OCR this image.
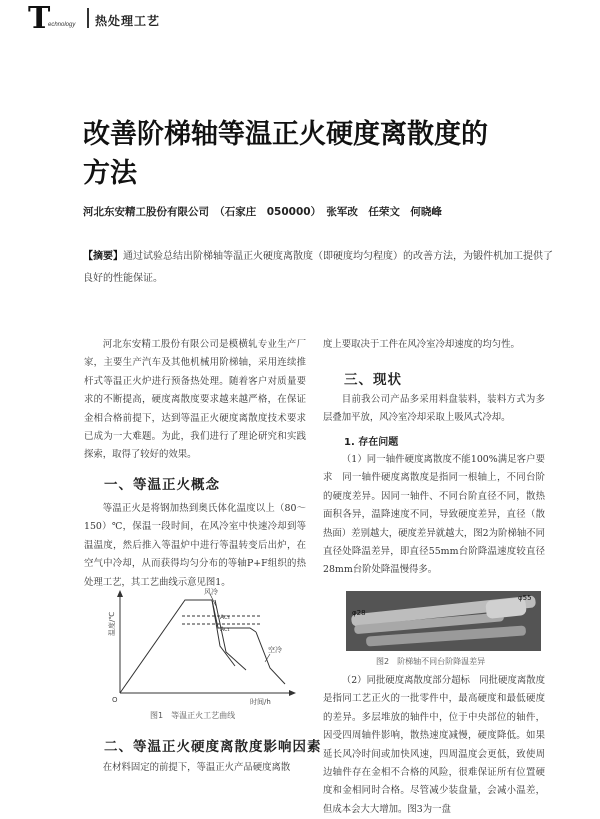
T
echnology 热处理工艺
改善阶梯轴等温正火硬度离散度的
方法
河北东安精工股份有限公司　（石家庄　050000）　张军改　任荣文　何晓峰
【摘要】通过试验总结出阶梯轴等温正火硬度离散度（即硬度均匀程度）的改善方法，为锻件机加工提供了良好的性能保证。

河北东安精工股份有限公司是模横轧专业生产厂家，主要生产汽车及其他机械用阶梯轴，采用连续推杆式等温正火炉进行预备热处理。随着客户对质量要求的不断提高，硬度离散度要求越来越严格，在保证金相合格前提下，达到等温正火硬度离散度技术要求已成为一大难题。为此，我们进行了理论研究和实践探索，取得了较好的效果。

一、等温正火概念

等温正火是将钢加热到奥氏体化温度以上（80～150）℃，保温一段时间，在风冷室中快速冷却到等温温度，然后推入等温炉中进行等温转变后出炉，在空气中冷却，从而获得均匀分布的等轴P+F组织的热处理工艺，其工艺曲线示意见图1。

温度/℃
时间/h
O
风冷
Ac₃
Ac₁
空冷
图1　等温正火工艺曲线
二、等温正火硬度离散度影响因素

在材料固定的前提下，等温正火产品硬度离散

度上要取决于工件在风冷室冷却速度的均匀性。

三、现状

目前我公司产品多采用料盘装料，装料方式为多层叠加平放，风冷室冷却采取上吸风式冷却。

1. 存在问题

（1）同一轴件硬度离散度不能100%满足客户要求　同一轴件硬度离散度是指同一根轴上，不同台阶的硬度差异。因同一轴件、不同台阶直径不同，散热面积各异，温降速度不同，导致硬度差异，直径（散热面）差别越大，硬度差异就越大，图2为阶梯轴不同直径处降温差异，即直径55mm台阶降温速度较直径28mm台阶处降温慢得多。

φ28
φ55
图2　阶梯轴不同台阶降温差异

（2）同批硬度离散度部分超标　同批硬度离散度是指同工艺正火的一批零件中，最高硬度和最低硬度的差异。多层堆放的轴件中，位于中央部位的轴件，因受四周轴件影响，散热速度减慢，硬度降低。如果延长风冷时间或加快风速，四周温度会更低，致使周边轴件存在金相不合格的风险，很难保证所有位置硬度和金相同时合格。尽管减少装盘量，会减小温差，但成本会大大增加。图3为一盘
